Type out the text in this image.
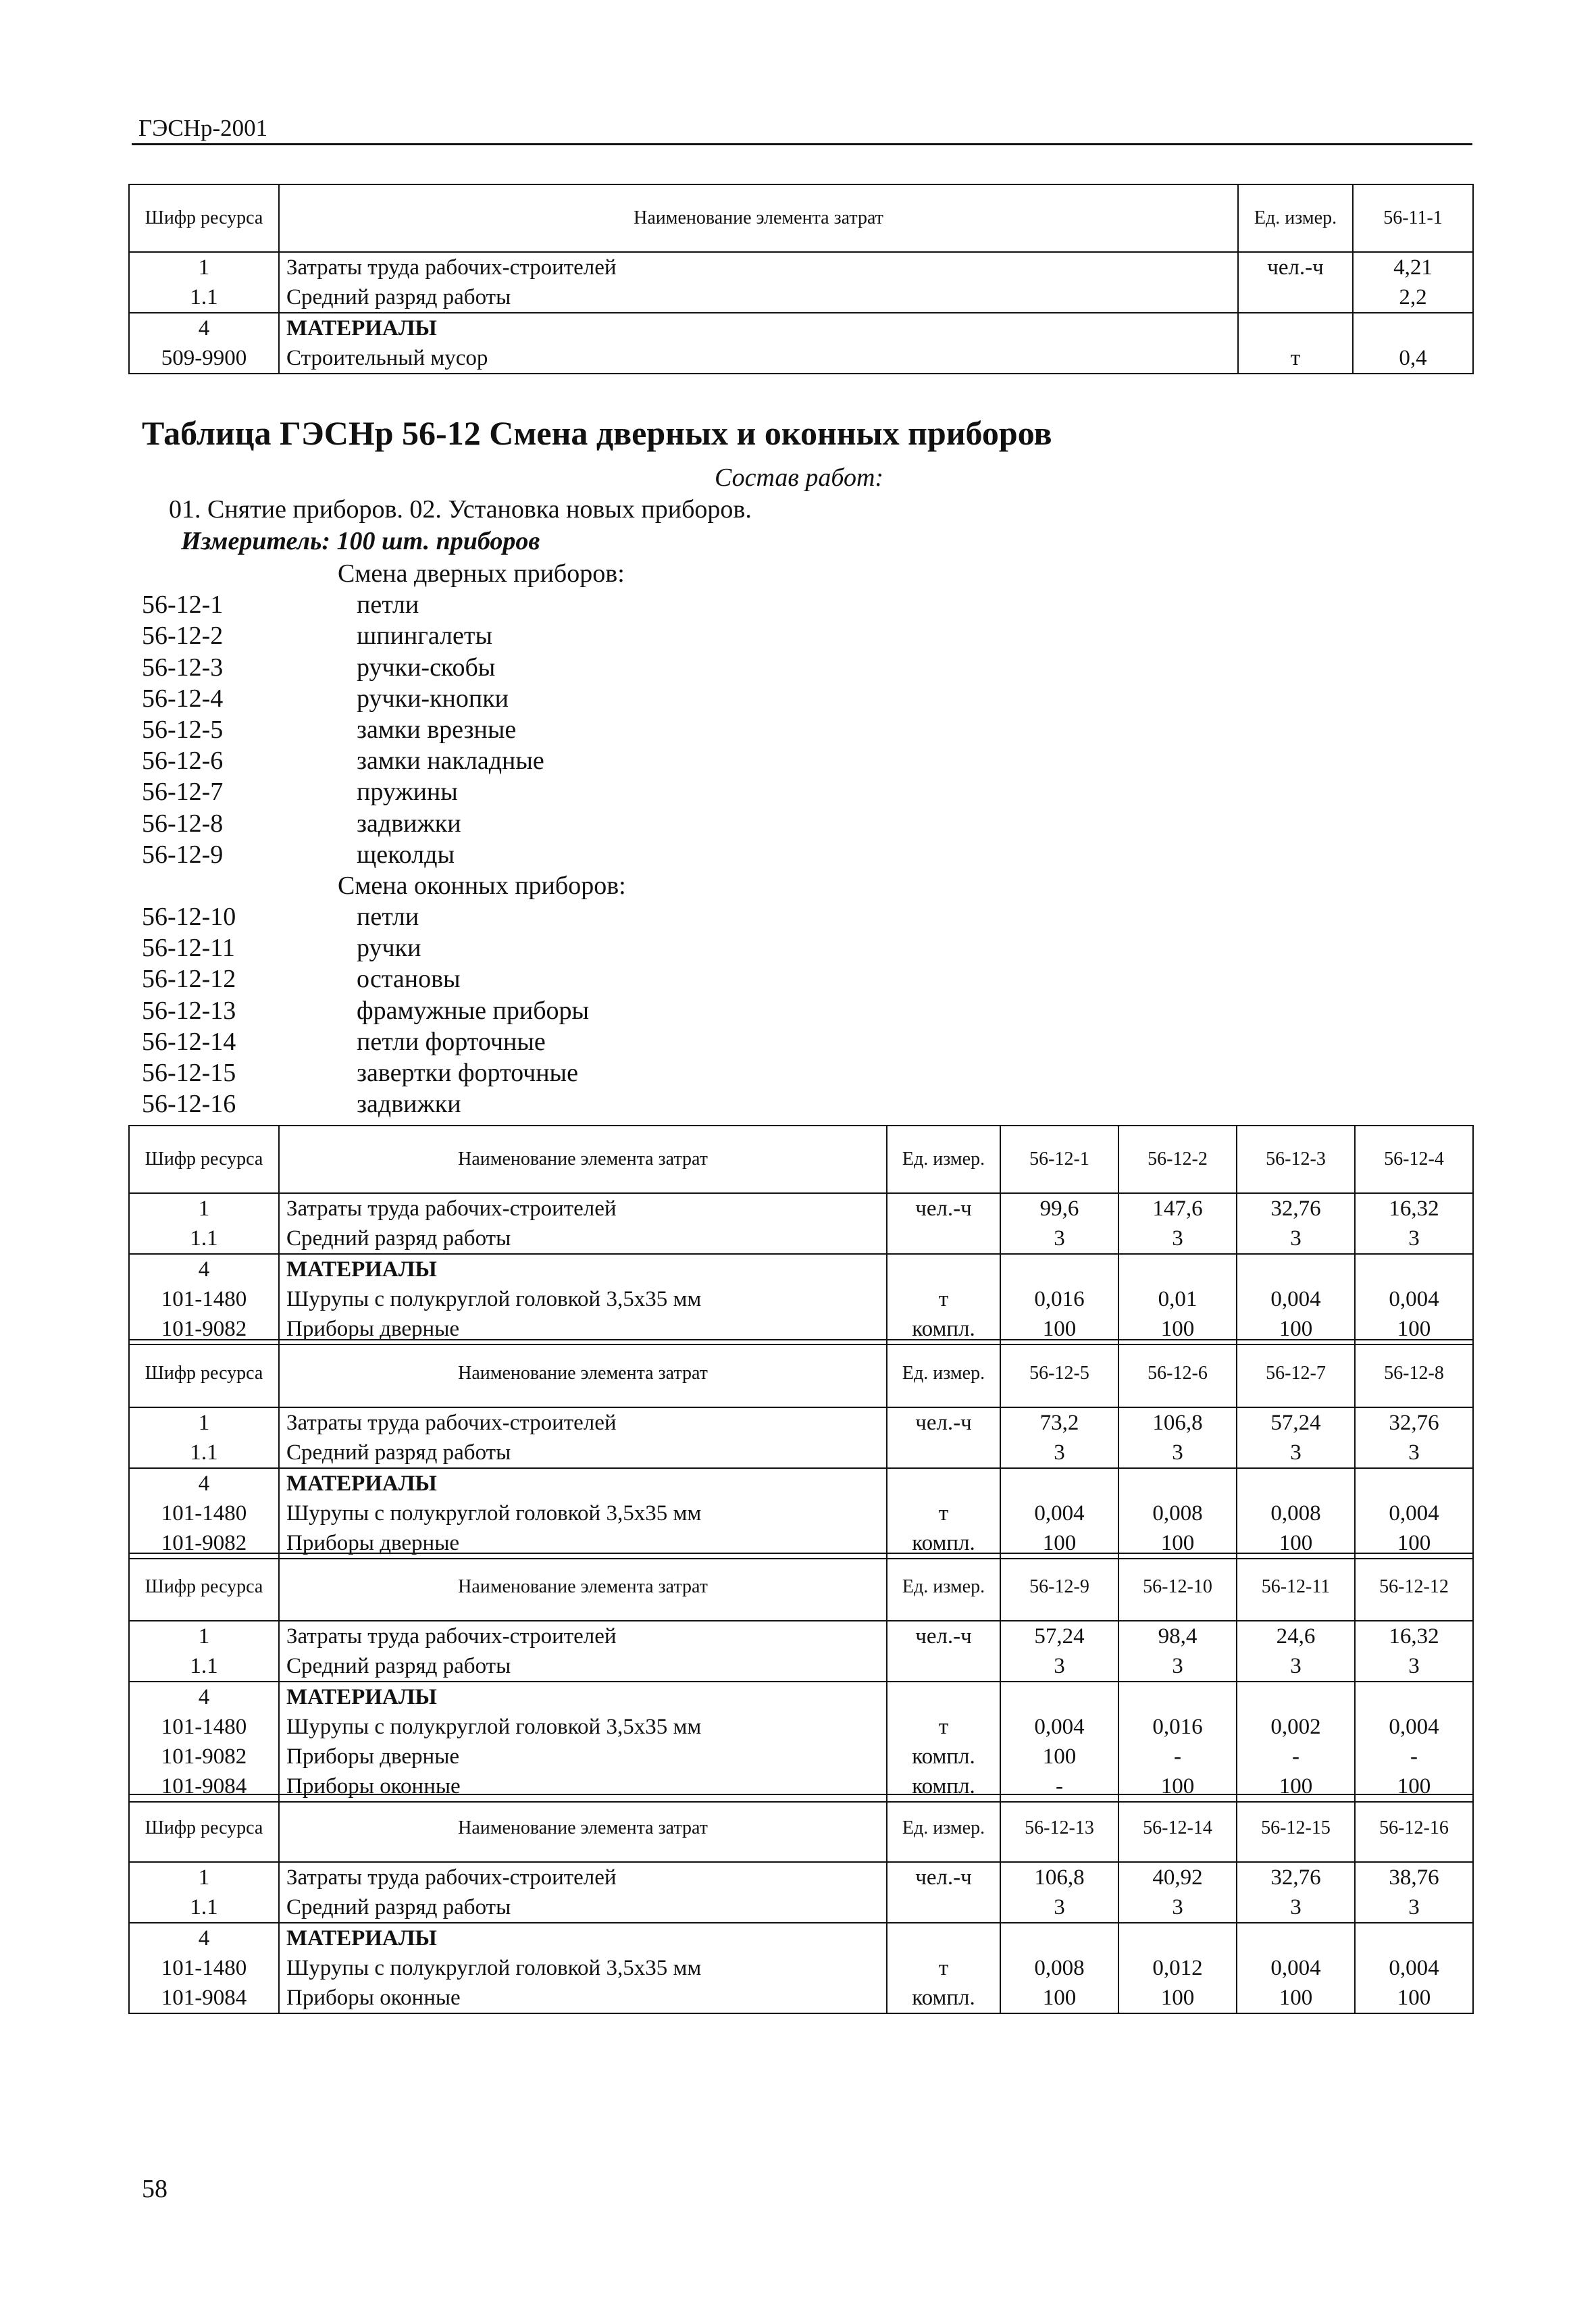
ГЭСНр-2001
Шифр ресурса	Наименование элемента затрат	Ед. измер.	56-11-1
1	Затраты труда рабочих-строителей	чел.-ч	4,21
1.1	Средний разряд работы		2,2
4	МАТЕРИАЛЫ		
509-9900	Строительный мусор	т	0,4
Таблица ГЭСНр 56-12 Смена дверных и оконных приборов
Состав работ:
01. Снятие приборов. 02. Установка новых приборов.
Измеритель: 100 шт. приборов
Смена дверных приборов:
56-12-1	петли
56-12-2	шпингалеты
56-12-3	ручки-скобы
56-12-4	ручки-кнопки
56-12-5	замки врезные
56-12-6	замки накладные
56-12-7	пружины
56-12-8	задвижки
56-12-9	щеколды
Смена оконных приборов:
56-12-10	петли
56-12-11	ручки
56-12-12	остановы
56-12-13	фрамужные приборы
56-12-14	петли форточные
56-12-15	завертки форточные
56-12-16	задвижки
Шифр ресурса	Наименование элемента затрат	Ед. измер.	56-12-1	56-12-2	56-12-3	56-12-4
1	Затраты труда рабочих-строителей	чел.-ч	99,6	147,6	32,76	16,32
1.1	Средний разряд работы		3	3	3	3
4	МАТЕРИАЛЫ					
101-1480	Шурупы с полукруглой головкой 3,5х35 мм	т	0,016	0,01	0,004	0,004
101-9082	Приборы дверные	компл.	100	100	100	100
Шифр ресурса	Наименование элемента затрат	Ед. измер.	56-12-5	56-12-6	56-12-7	56-12-8
1	Затраты труда рабочих-строителей	чел.-ч	73,2	106,8	57,24	32,76
1.1	Средний разряд работы		3	3	3	3
4	МАТЕРИАЛЫ					
101-1480	Шурупы с полукруглой головкой 3,5х35 мм	т	0,004	0,008	0,008	0,004
101-9082	Приборы дверные	компл.	100	100	100	100
Шифр ресурса	Наименование элемента затрат	Ед. измер.	56-12-9	56-12-10	56-12-11	56-12-12
1	Затраты труда рабочих-строителей	чел.-ч	57,24	98,4	24,6	16,32
1.1	Средний разряд работы		3	3	3	3
4	МАТЕРИАЛЫ					
101-1480	Шурупы с полукруглой головкой 3,5х35 мм	т	0,004	0,016	0,002	0,004
101-9082	Приборы дверные	компл.	100	-	-	-
101-9084	Приборы оконные	компл.	-	100	100	100
Шифр ресурса	Наименование элемента затрат	Ед. измер.	56-12-13	56-12-14	56-12-15	56-12-16
1	Затраты труда рабочих-строителей	чел.-ч	106,8	40,92	32,76	38,76
1.1	Средний разряд работы		3	3	3	3
4	МАТЕРИАЛЫ					
101-1480	Шурупы с полукруглой головкой 3,5х35 мм	т	0,008	0,012	0,004	0,004
101-9084	Приборы оконные	компл.	100	100	100	100
58
